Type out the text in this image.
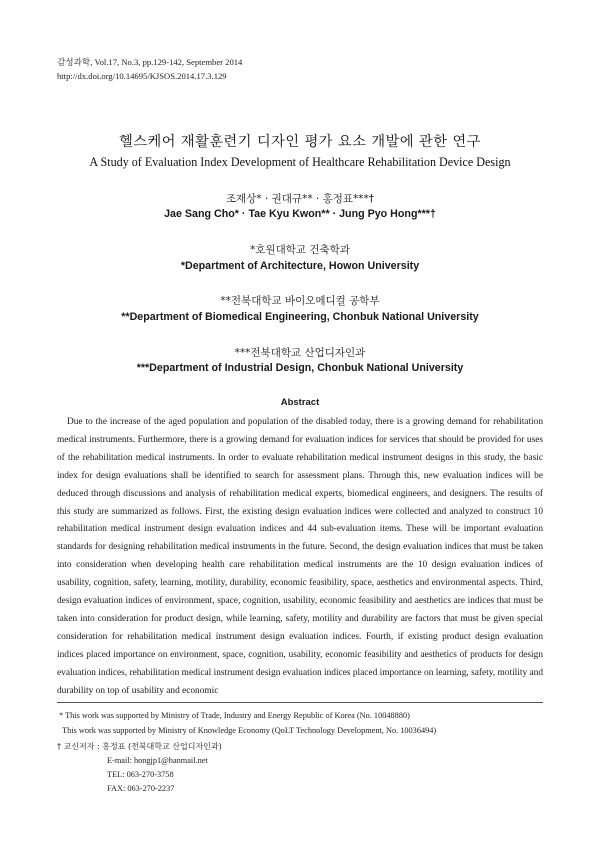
감성과학, Vol.17, No.3, pp.129-142, September 2014
http://dx.doi.org/10.14695/KJSOS.2014.17.3.129
헬스케어 재활훈련기 디자인 평가 요소 개발에 관한 연구
A Study of Evaluation Index Development of Healthcare Rehabilitation Device Design
조재상* · 권대규** · 홍정표***†
Jae Sang Cho* · Tae Kyu Kwon** · Jung Pyo Hong***†
*호원대학교 건축학과
*Department of Architecture, Howon University
**전북대학교 바이오메디컬 공학부
**Department of Biomedical Engineering, Chonbuk National University
***전북대학교 산업디자인과
***Department of Industrial Design, Chonbuk National University
Abstract

Due to the increase of the aged population and population of the disabled today, there is a growing demand for rehabilitation medical instruments. Furthermore, there is a growing demand for evaluation indices for services that should be provided for uses of the rehabilitation medical instruments. In order to evaluate rehabilitation medical instrument designs in this study, the basic index for design evaluations shall be identified to search for assessment plans. Through this, new evaluation indices will be deduced through discussions and analysis of rehabilitation medical experts, biomedical engineers, and designers. The results of this study are summarized as follows. First, the existing design evaluation indices were collected and analyzed to construct 10 rehabilitation medical instrument design evaluation indices and 44 sub-evaluation items. These will be important evaluation standards for designing rehabilitation medical instruments in the future. Second, the design evaluation indices that must be taken into consideration when developing health care rehabilitation medical instruments are the 10 design evaluation indices of usability, cognition, safety, learning, motility, durability, economic feasibility, space, aesthetics and environmental aspects. Third, design evaluation indices of environment, space, cognition, usability, economic feasibility and aesthetics are indices that must be taken into consideration for product design, while learning, safety, motility and durability are factors that must be given special consideration for rehabilitation medical instrument design evaluation indices. Fourth, if existing product design evaluation indices placed importance on environment, space, cognition, usability, economic feasibility and aesthetics of products for design evaluation indices, rehabilitation medical instrument design evaluation indices placed importance on learning, safety, motility and durability on top of usability and economic

* This work was supported by Ministry of Trade, Industry and Energy Republic of Korea (No. 10048880)
This work was supported by Ministry of Knowledge Economy (QoLT Technology Development, No. 10036494)
† 교신저자 : 홍정표 (전북대학교 산업디자인과)
E-mail: hongjp1@hanmail.net
TEL: 063-270-3758
FAX: 063-270-2237
